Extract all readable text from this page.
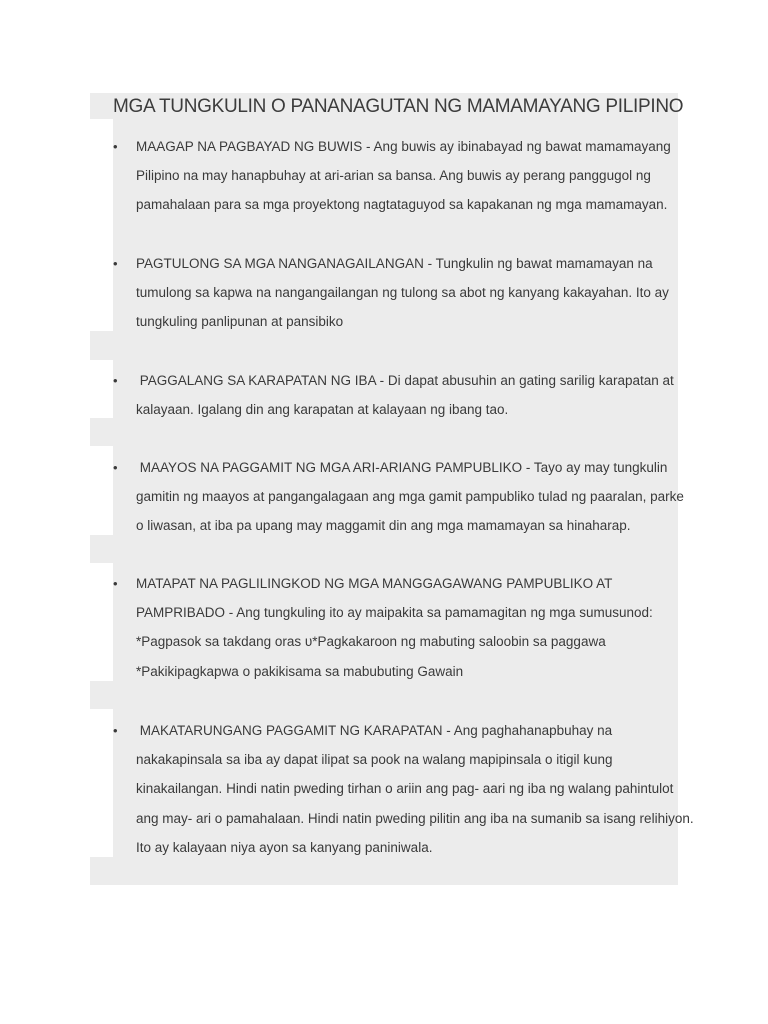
MGA TUNGKULIN O PANANAGUTAN NG MAMAMAYANG PILIPINO
•	MAAGAP NA PAGBAYAD NG BUWIS - Ang buwis ay ibinabayad ng bawat mamamayang
Pilipino na may hanapbuhay at ari-arian sa bansa. Ang buwis ay perang panggugol ng
pamahalaan para sa mga proyektong nagtataguyod sa kapakanan ng mga mamamayan.
•	PAGTULONG SA MGA NANGANAGAILANGAN - Tungkulin ng bawat mamamayan na
tumulong sa kapwa na nangangailangan ng tulong sa abot ng kanyang kakayahan. Ito ay
tungkuling panlipunan at pansibiko
•	PAGGALANG SA KARAPATAN NG IBA - Di dapat abusuhin an gating sarilig karapatan at
kalayaan. Igalang din ang karapatan at kalayaan ng ibang tao.
•	MAAYOS NA PAGGAMIT NG MGA ARI-ARIANG PAMPUBLIKO - Tayo ay may tungkulin
gamitin ng maayos at pangangalagaan ang mga gamit pampubliko tulad ng paaralan, parke
o liwasan, at iba pa upang may maggamit din ang mga mamamayan sa hinaharap.
•	MATAPAT NA PAGLILINGKOD NG MGA MANGGAGAWANG PAMPUBLIKO AT
PAMPRIBADO - Ang tungkuling ito ay maipakita sa pamamagitan ng mga sumusunod:
*Pagpasok sa takdang oras υ*Pagkakaroon ng mabuting saloobin sa paggawa
*Pakikipagkapwa o pakikisama sa mabubuting Gawain
•	MAKATARUNGANG PAGGAMIT NG KARAPATAN - Ang paghahanapbuhay na
nakakapinsala sa iba ay dapat ilipat sa pook na walang mapipinsala o itigil kung
kinakailangan. Hindi natin pweding tirhan o ariin ang pag- aari ng iba ng walang pahintulot
ang may- ari o pamahalaan. Hindi natin pweding pilitin ang iba na sumanib sa isang relihiyon.
Ito ay kalayaan niya ayon sa kanyang paniniwala.
